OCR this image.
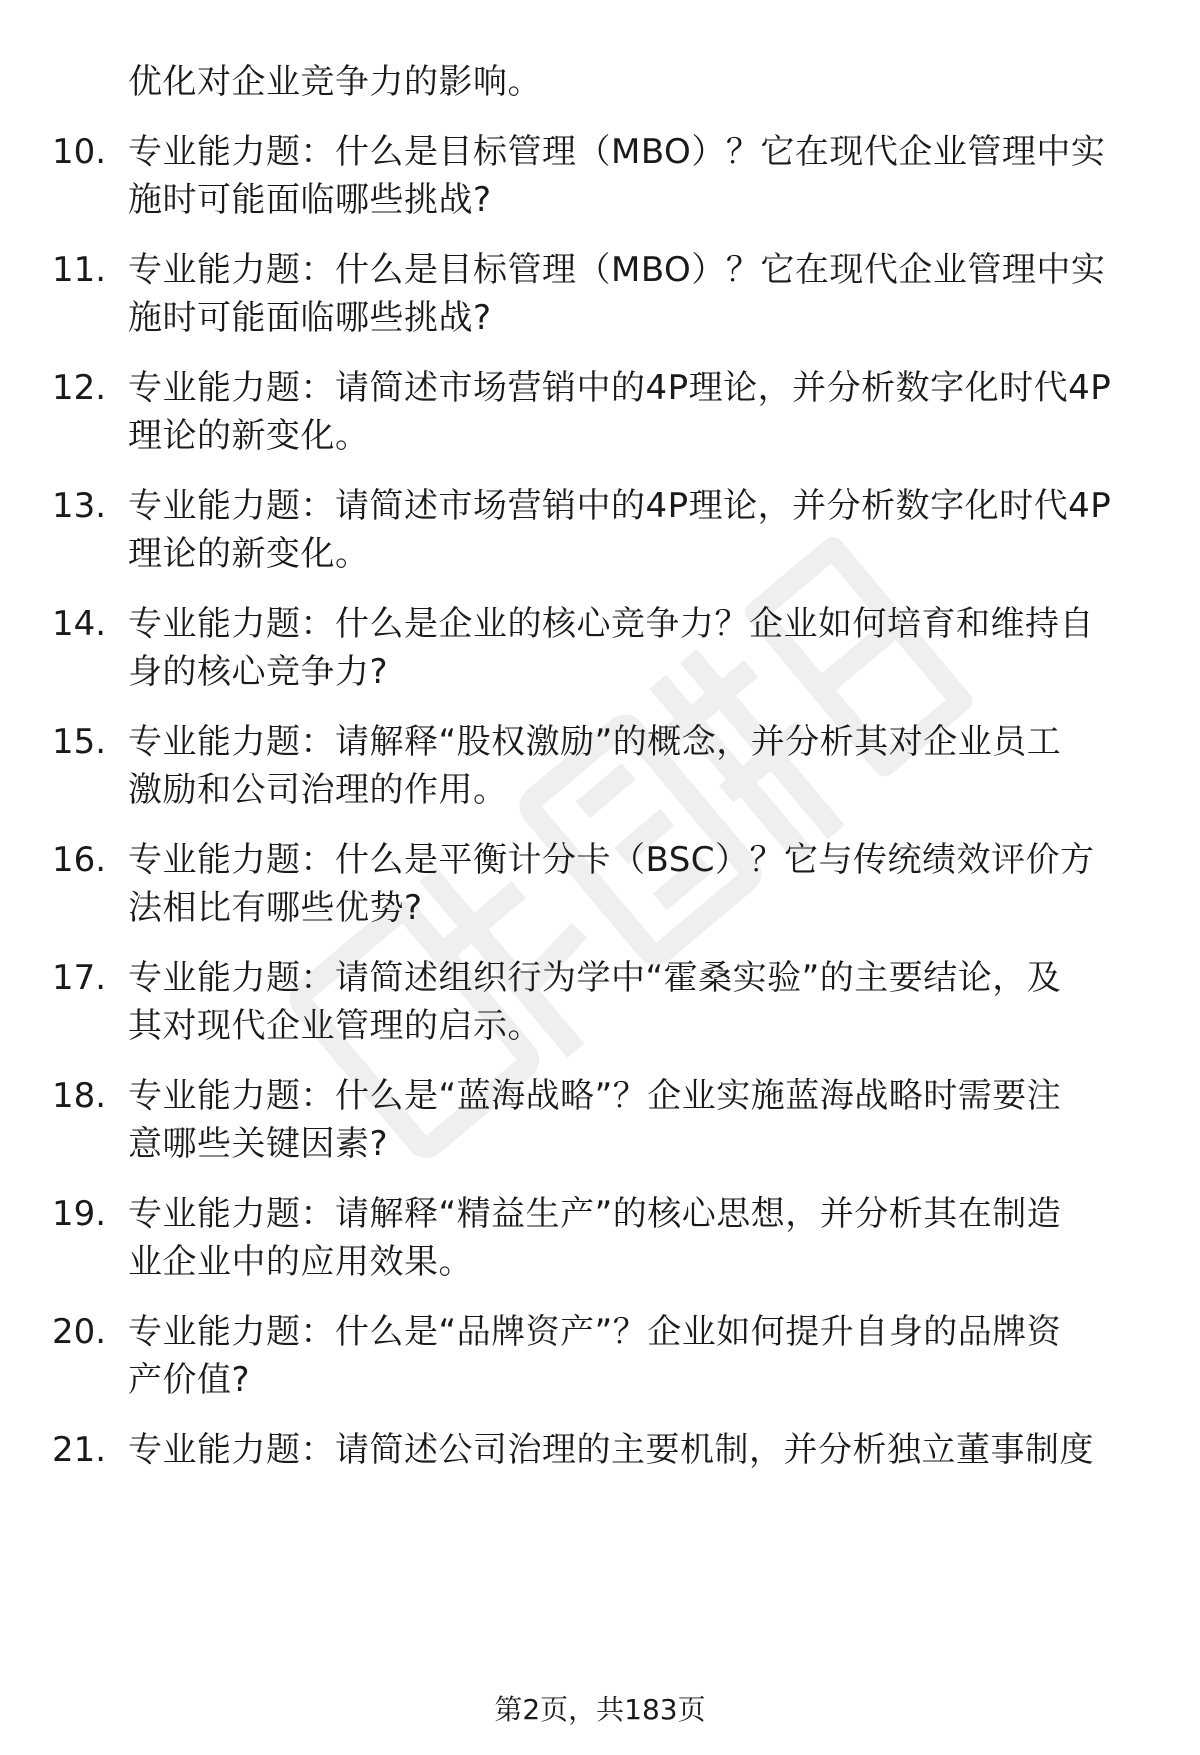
优化对企业竞争力的影响。
10. 专业能力题：什么是目标管理（MBO）？它在现代企业管理中实
施时可能面临哪些挑战?
11. 专业能力题：什么是目标管理（MBO）？它在现代企业管理中实
施时可能面临哪些挑战?
12. 专业能力题：请简述市场营销中的4P理论，并分析数字化时代4P
理论的新变化。
13. 专业能力题：请简述市场营销中的4P理论，并分析数字化时代4P
理论的新变化。
14. 专业能力题：什么是企业的核心竞争力？企业如何培育和维持自
身的核心竞争力?
15. 专业能力题：请解释“股权激励”的概念，并分析其对企业员工
激励和公司治理的作用。
16. 专业能力题：什么是平衡计分卡（BSC）？它与传统绩效评价方
法相比有哪些优势?
17. 专业能力题：请简述组织行为学中“霍桑实验”的主要结论，及
其对现代企业管理的启示。
18. 专业能力题：什么是“蓝海战略”？企业实施蓝海战略时需要注
意哪些关键因素?
19. 专业能力题：请解释“精益生产”的核心思想，并分析其在制造
业企业中的应用效果。
20. 专业能力题：什么是“品牌资产”？企业如何提升自身的品牌资
产价值?
21. 专业能力题：请简述公司治理的主要机制，并分析独立董事制度
第2页，共183页
